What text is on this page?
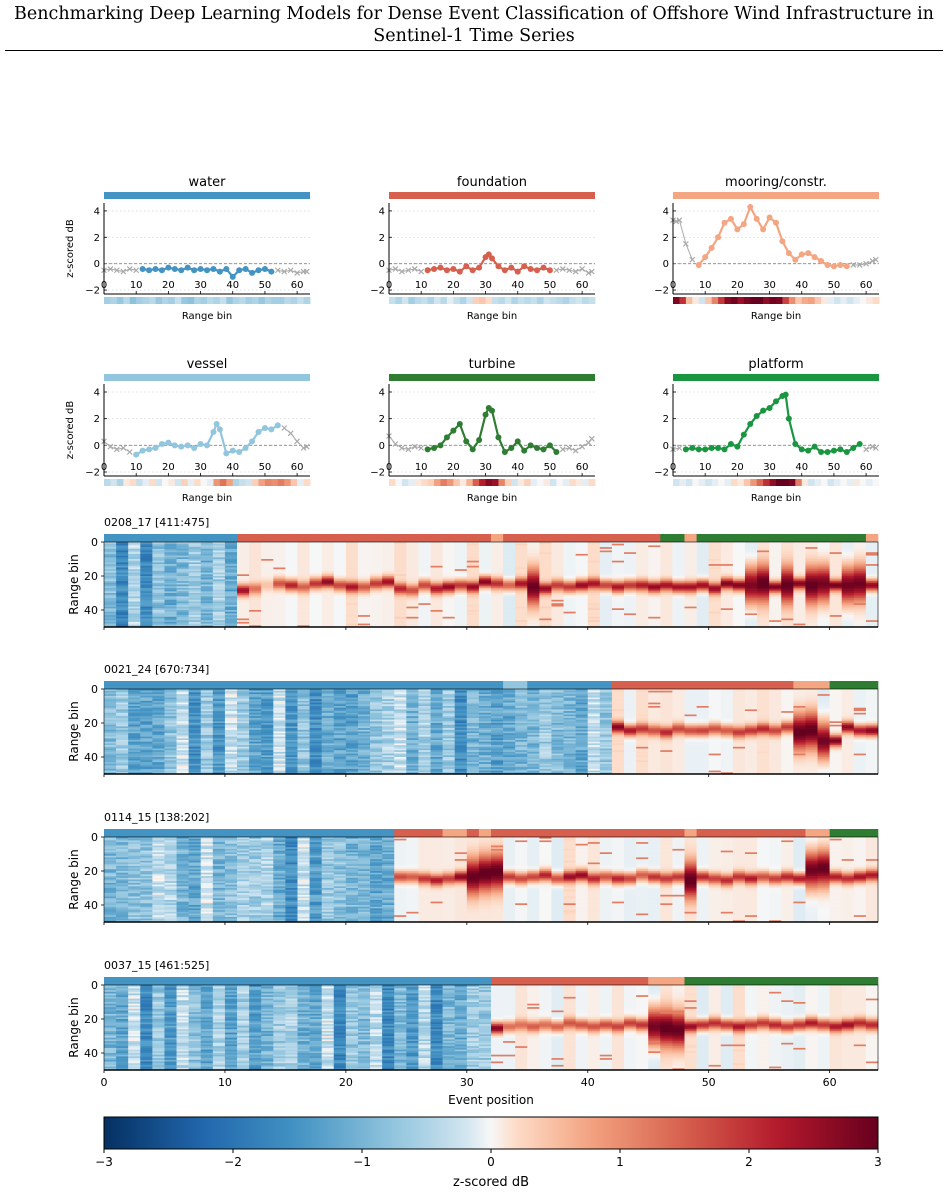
Benchmarking Deep Learning Models for Dense Event Classification of Offshore Wind Infrastructure in Sentinel-1 Time Series
water
−2
0
2
4
0 10 20 30 40 50 60
Range bin
z-scored dB
foundation
−2
0
2
4
0 10 20 30 40 50 60
Range bin
mooring/constr.
−2
0
2
4
0 10 20 30 40 50 60
Range bin
vessel
−2
0
2
4
0 10 20 30 40 50 60
Range bin
z-scored dB
turbine
−2
0
2
4
0 10 20 30 40 50 60
Range bin
platform
−2
0
2
4
0 10 20 30 40 50 60
Range bin
0208_17 [411:475]
0
20
40
Range bin
0021_24 [670:734]
0
20
40
Range bin
0114_15 [138:202]
0
20
40
Range bin
0037_15 [461:525]
0
20
40
Range bin
0	10	20	30	40	50	60
Event position
−3	−2	−1	0	1	2	3
z-scored dB
